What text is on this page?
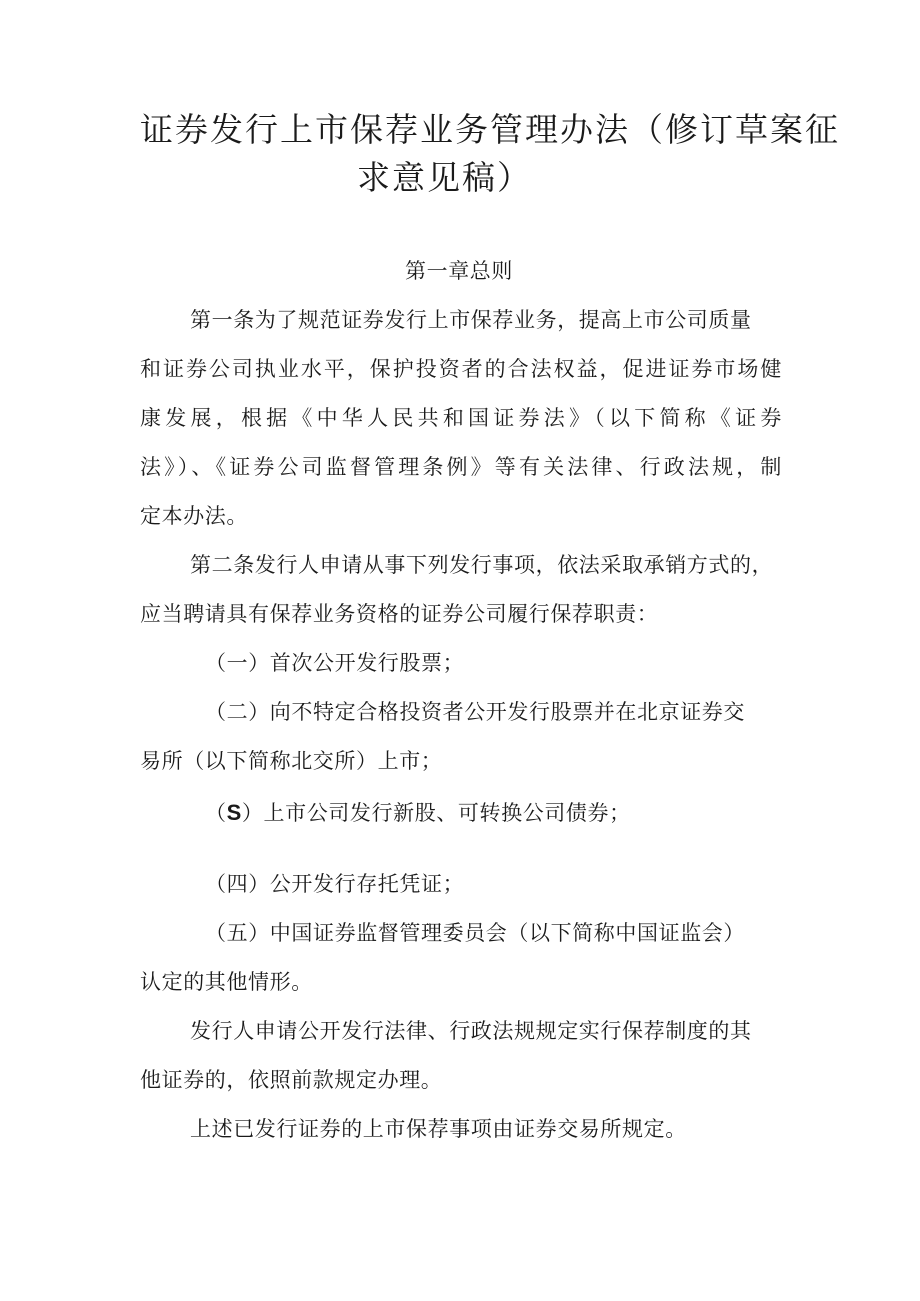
证券发行上市保荐业务管理办法（修订草案征
求意见稿）
第一章总则
第一条为了规范证券发行上市保荐业务，提高上市公司质量
和证券公司执业水平，保护投资者的合法权益，促进证券市场健
康发展，根据《中华人民共和国证券法》（以下简称《证券
法》）、《证券公司监督管理条例》等有关法律、行政法规，制
定本办法。
第二条发行人申请从事下列发行事项，依法采取承销方式的，
应当聘请具有保荐业务资格的证券公司履行保荐职责：
（一）首次公开发行股票；
（二）向不特定合格投资者公开发行股票并在北京证券交
易所（以下简称北交所）上市；
（S）上市公司发行新股、可转换公司债券；
（四）公开发行存托凭证；
（五）中国证券监督管理委员会（以下简称中国证监会）
认定的其他情形。
发行人申请公开发行法律、行政法规规定实行保荐制度的其
他证券的，依照前款规定办理。
上述已发行证券的上市保荐事项由证券交易所规定。
